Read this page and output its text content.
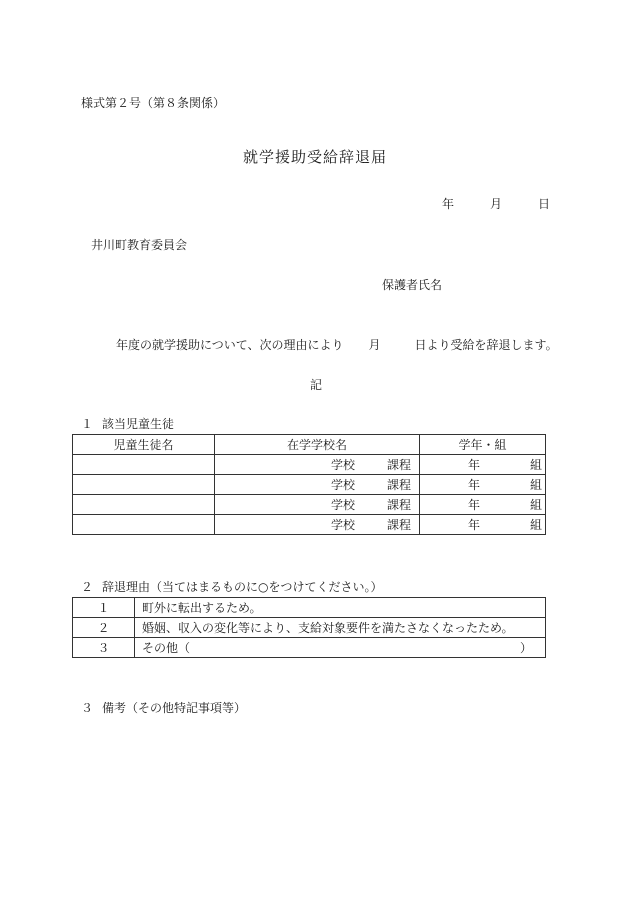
様式第２号（第８条関係）
就学援助受給辞退届
年	月	日
井川町教育委員会
保護者氏名
年度の就学援助について、次の理由により 月	日より受給を辞退します。
記
１ 該当児童生徒
児童生徒名	在学学校名	学年・組

	学校 課程	年 組

	学校 課程	年 組

	学校 課程	年 組

	学校 課程	年 組
２ 辞退理由（当てはまるものに○をつけてください。）
１	町外に転出するため。
２	婚姻、収入の変化等により、支給対象要件を満たさなくなったため。
３	その他（ ）
３ 備考（その他特記事項等）
